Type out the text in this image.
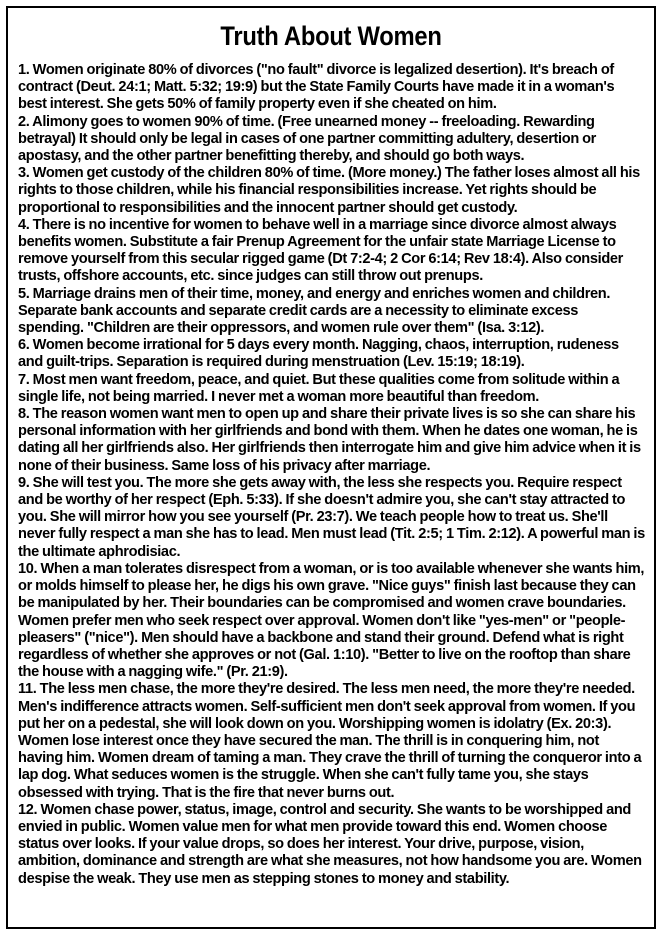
Truth About Women

1. Women originate 80% of divorces ("no fault" divorce is legalized desertion). It's breach of contract (Deut. 24:1; Matt. 5:32; 19:9) but the State Family Courts have made it in a woman's best interest. She gets 50% of family property even if she cheated on him.

2. Alimony goes to women 90% of time. (Free unearned money -- freeloading. Rewarding betrayal) It should only be legal in cases of one partner committing adultery, desertion or apostasy, and the other partner benefitting thereby, and should go both ways.

3. Women get custody of the children 80% of time. (More money.) The father loses almost all his rights to those children, while his financial responsibilities increase. Yet rights should be proportional to responsibilities and the innocent partner should get custody.

4. There is no incentive for women to behave well in a marriage since divorce almost always benefits women. Substitute a fair Prenup Agreement for the unfair state Marriage License to remove yourself from this secular rigged game (Dt 7:2-4; 2 Cor 6:14; Rev 18:4). Also consider trusts, offshore accounts, etc. since judges can still throw out prenups.

5. Marriage drains men of their time, money, and energy and enriches women and children. Separate bank accounts and separate credit cards are a necessity to eliminate excess spending. "Children are their oppressors, and women rule over them" (Isa. 3:12).

6. Women become irrational for 5 days every month. Nagging, chaos, interruption, rudeness and guilt-trips. Separation is required during menstruation (Lev. 15:19; 18:19).

7. Most men want freedom, peace, and quiet. But these qualities come from solitude within a single life, not being married. I never met a woman more beautiful than freedom.

8. The reason women want men to open up and share their private lives is so she can share his personal information with her girlfriends and bond with them. When he dates one woman, he is dating all her girlfriends also. Her girlfriends then interrogate him and give him advice when it is none of their business. Same loss of his privacy after marriage.

9. She will test you. The more she gets away with, the less she respects you. Require respect and be worthy of her respect (Eph. 5:33). If she doesn't admire you, she can't stay attracted to you. She will mirror how you see yourself (Pr. 23:7). We teach people how to treat us. She'll never fully respect a man she has to lead. Men must lead (Tit. 2:5; 1 Tim. 2:12). A powerful man is the ultimate aphrodisiac.

10. When a man tolerates disrespect from a woman, or is too available whenever she wants him, or molds himself to please her, he digs his own grave. "Nice guys" finish last because they can be manipulated by her. Their boundaries can be compromised and women crave boundaries. Women prefer men who seek respect over approval. Women don't like "yes-men" or "people-pleasers" ("nice"). Men should have a backbone and stand their ground. Defend what is right regardless of whether she approves or not (Gal. 1:10). "Better to live on the rooftop than share the house with a nagging wife." (Pr. 21:9).

11. The less men chase, the more they're desired. The less men need, the more they're needed. Men's indifference attracts women. Self-sufficient men don't seek approval from women. If you put her on a pedestal, she will look down on you. Worshipping women is idolatry (Ex. 20:3). Women lose interest once they have secured the man. The thrill is in conquering him, not having him. Women dream of taming a man. They crave the thrill of turning the conqueror into a lap dog. What seduces women is the struggle. When she can't fully tame you, she stays obsessed with trying. That is the fire that never burns out.

12. Women chase power, status, image, control and security. She wants to be worshipped and envied in public. Women value men for what men provide toward this end. Women choose status over looks. If your value drops, so does her interest. Your drive, purpose, vision, ambition, dominance and strength are what she measures, not how handsome you are. Women despise the weak. They use men as stepping stones to money and stability.
